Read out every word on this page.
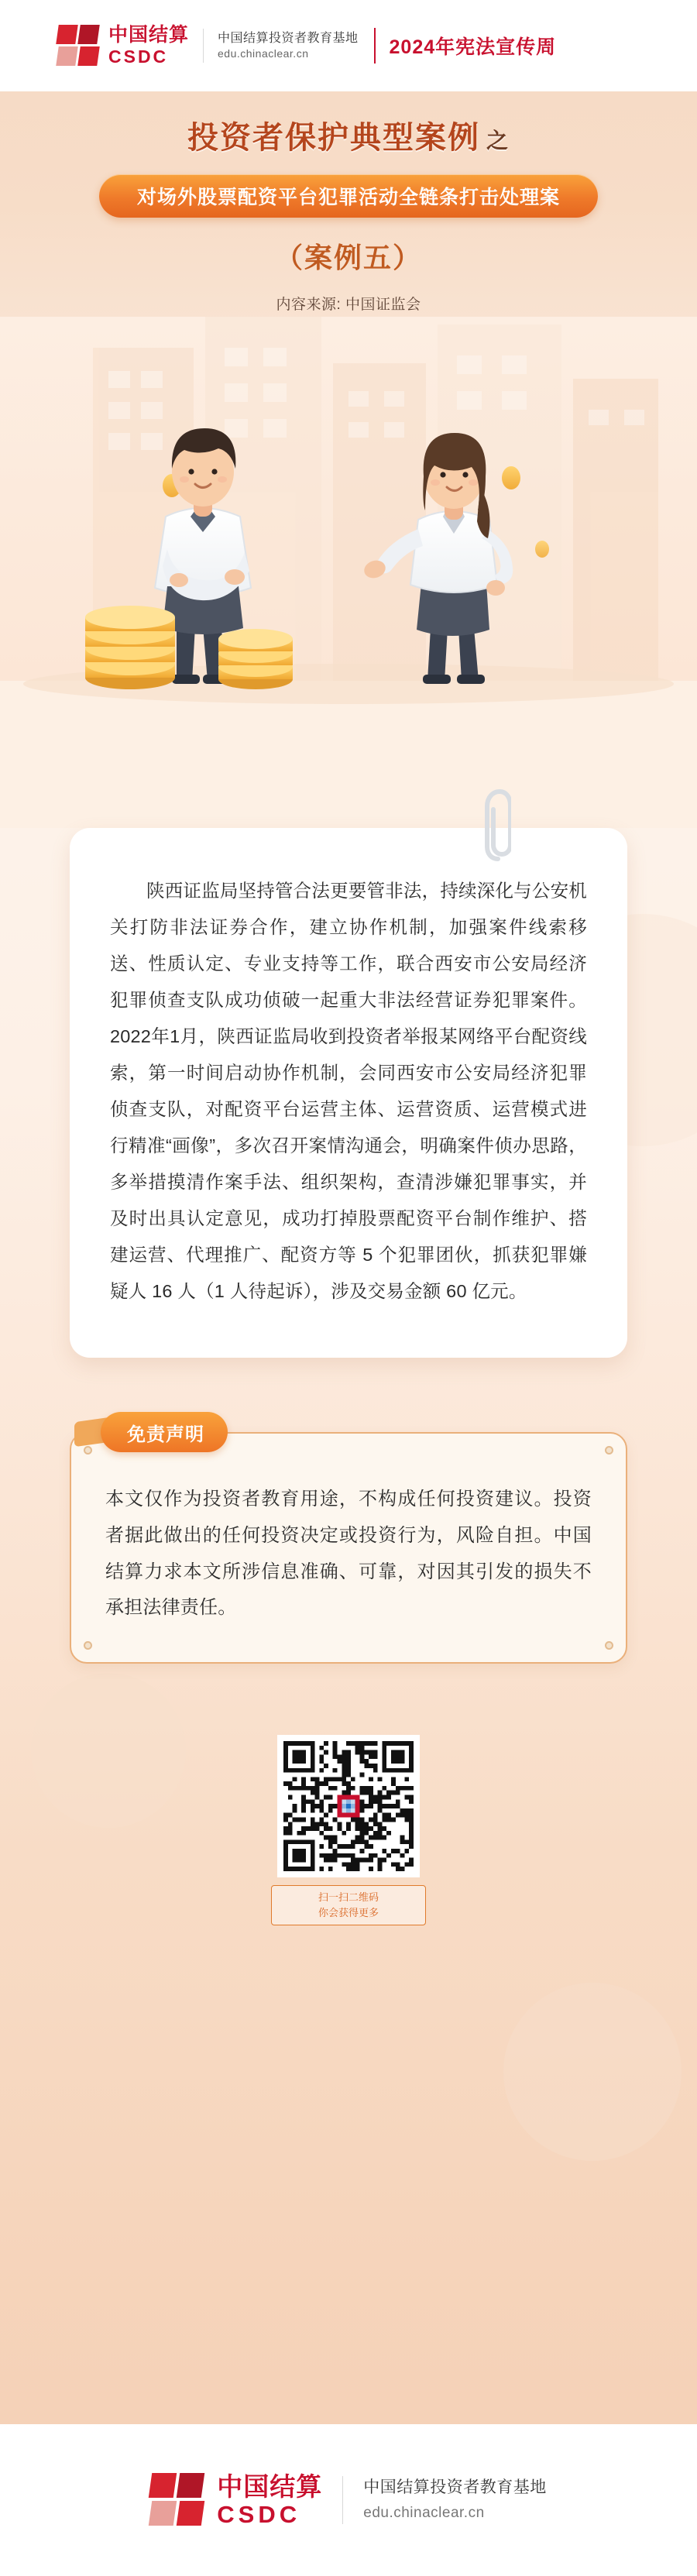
中国结算
CSDC
中国结算投资者教育基地
edu.chinaclear.cn	2024年宪法宣传周
投资者保护典型案例 之
对场外股票配资平台犯罪活动全链条打击处理案
（案例五）
内容来源: 中国证监会

陕西证监局坚持管合法更要管非法，持续深化与公安机关打防非法证券合作，建立协作机制，加强案件线索移送、性质认定、专业支持等工作，联合西安市公安局经济犯罪侦查支队成功侦破一起重大非法经营证券犯罪案件。2022年1月，陕西证监局收到投资者举报某网络平台配资线索，第一时间启动协作机制，会同西安市公安局经济犯罪侦查支队，对配资平台运营主体、运营资质、运营模式进行精准“画像”，多次召开案情沟通会，明确案件侦办思路，多举措摸清作案手法、组织架构，查清涉嫌犯罪事实，并及时出具认定意见，成功打掉股票配资平台制作维护、搭建运营、代理推广、配资方等 5 个犯罪团伙，抓获犯罪嫌疑人 16 人（1 人待起诉），涉及交易金额 60 亿元。

免责声明
本文仅作为投资者教育用途，不构成任何投资建议。投资者据此做出的任何投资决定或投资行为，风险自担。中国结算力求本文所涉信息准确、可靠，对因其引发的损失不承担法律责任。
扫一扫二维码
你会获得更多
中国结算
CSDC
中国结算投资者教育基地
edu.chinaclear.cn
